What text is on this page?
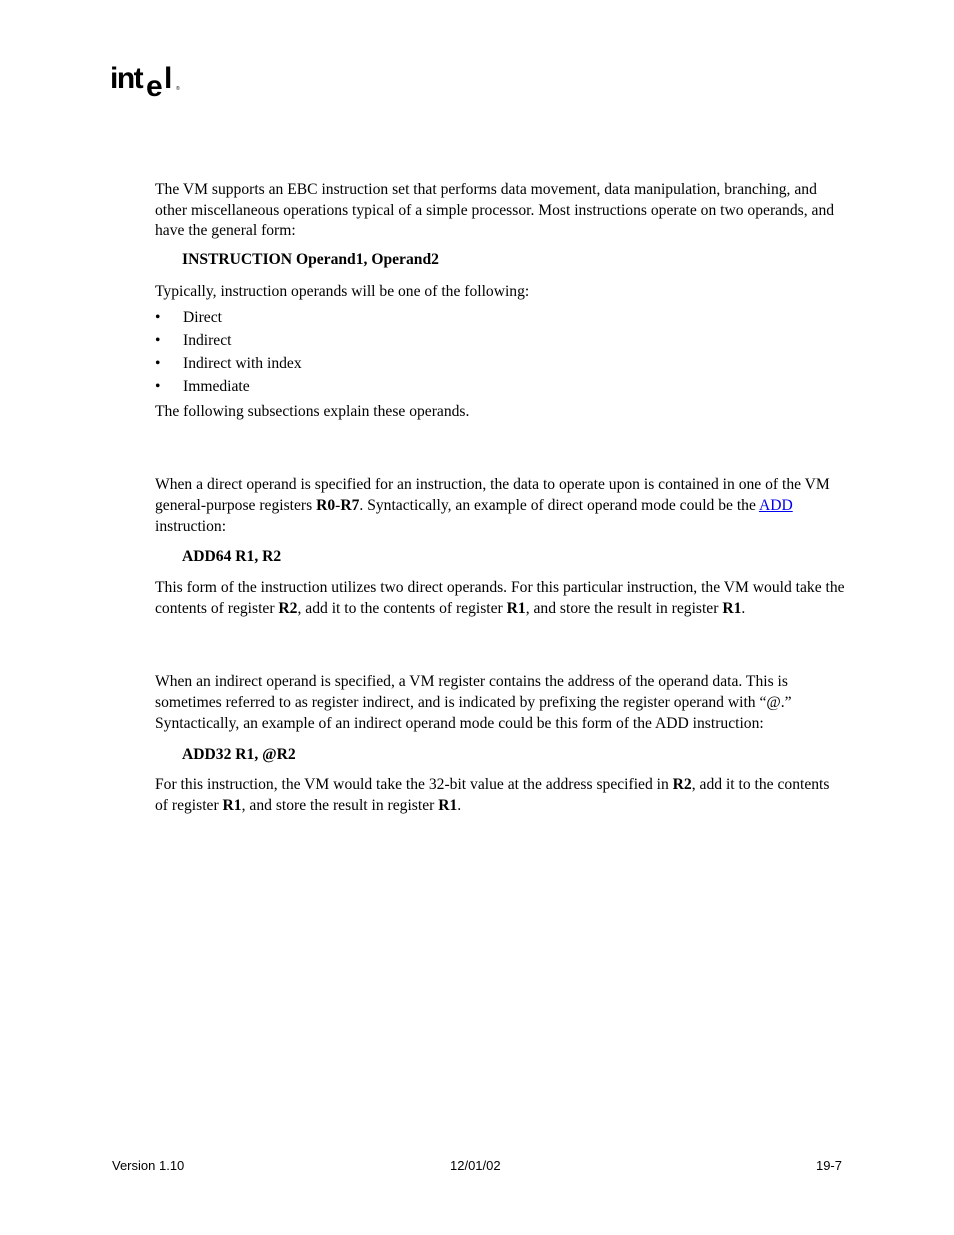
int e l ®

The VM supports an EBC instruction set that performs data movement, data manipulation, branching, and other miscellaneous operations typical of a simple processor. Most instructions operate on two operands, and have the general form:

INSTRUCTION Operand1, Operand2

Typically, instruction operands will be one of the following:

• Direct
• Indirect
• Indirect with index
• Immediate

The following subsections explain these operands.

When a direct operand is specified for an instruction, the data to operate upon is contained in one of the VM general-purpose registers R0-R7. Syntactically, an example of direct operand mode could be the ADD instruction:

ADD64 R1, R2

This form of the instruction utilizes two direct operands. For this particular instruction, the VM would take the contents of register R2, add it to the contents of register R1, and store the result in register R1.

When an indirect operand is specified, a VM register contains the address of the operand data. This is sometimes referred to as register indirect, and is indicated by prefixing the register operand with “@.” Syntactically, an example of an indirect operand mode could be this form of the ADD instruction:

ADD32 R1, @R2

For this instruction, the VM would take the 32-bit value at the address specified in R2, add it to the contents of register R1, and store the result in register R1.

Version 1.10	12/01/02	19-7
